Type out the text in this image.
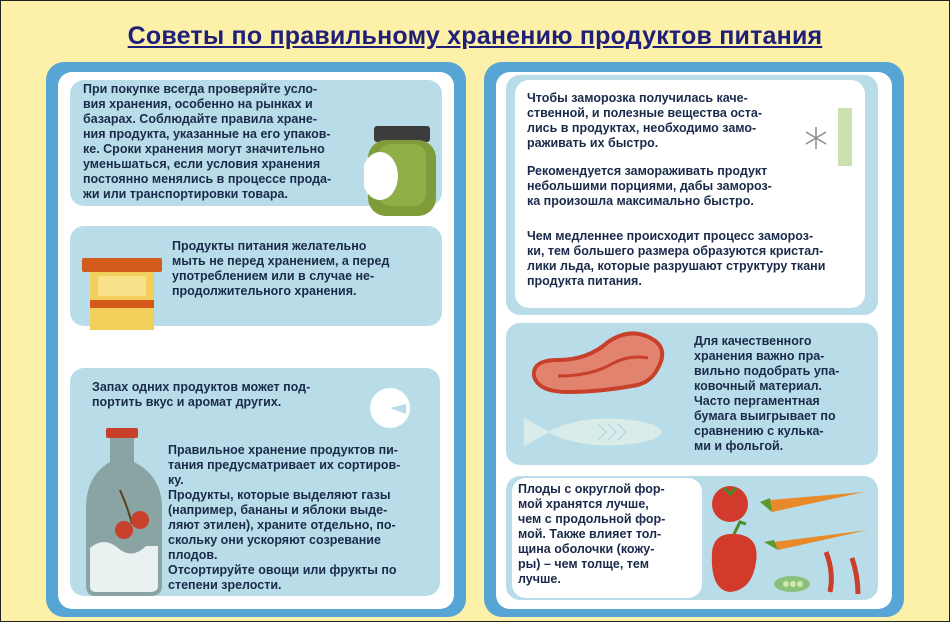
Советы по правильному хранению продуктов питания
При покупке всегда проверяйте усло-
вия хранения, особенно на рынках и
базарах. Соблюдайте правила хране-
ния продукта, указанные на его упаков-
ке. Сроки хранения могут значительно
уменьшаться, если условия хранения
постоянно менялись в процессе прода-
жи или транспортировки товара.
Продукты питания желательно
мыть не перед хранением, а перед
употреблением или в случае не-
продолжительного хранения.
Запах одних продуктов может под-
портить вкус и аромат других.
Правильное хранение продуктов пи-
тания предусматривает их сортиров-
ку.
Продукты, которые выделяют газы
(например, бананы и яблоки выде-
ляют этилен), храните отдельно, по-
скольку они ускоряют созревание
плодов.
Отсортируйте овощи или фрукты по
степени зрелости.
Чтобы заморозка получилась каче-
ственной, и полезные вещества оста-
лись в продуктах, необходимо замо-
раживать их быстро.
Рекомендуется замораживать продукт
небольшими порциями, дабы замороз-
ка произошла максимально быстро.
Чем медленнее происходит процесс замороз-
ки, тем большего размера образуются кристал-
лики льда, которые разрушают структуру ткани
продукта питания.
Для качественного
хранения важно пра-
вильно подобрать упа-
ковочный материал.
Часто пергаментная
бумага выигрывает по
сравнению с кулька-
ми и фольгой.
Плоды с округлой фор-
мой хранятся лучше,
чем с продольной фор-
мой. Также влияет тол-
щина оболочки (кожу-
ры) – чем толще, тем
лучше.
